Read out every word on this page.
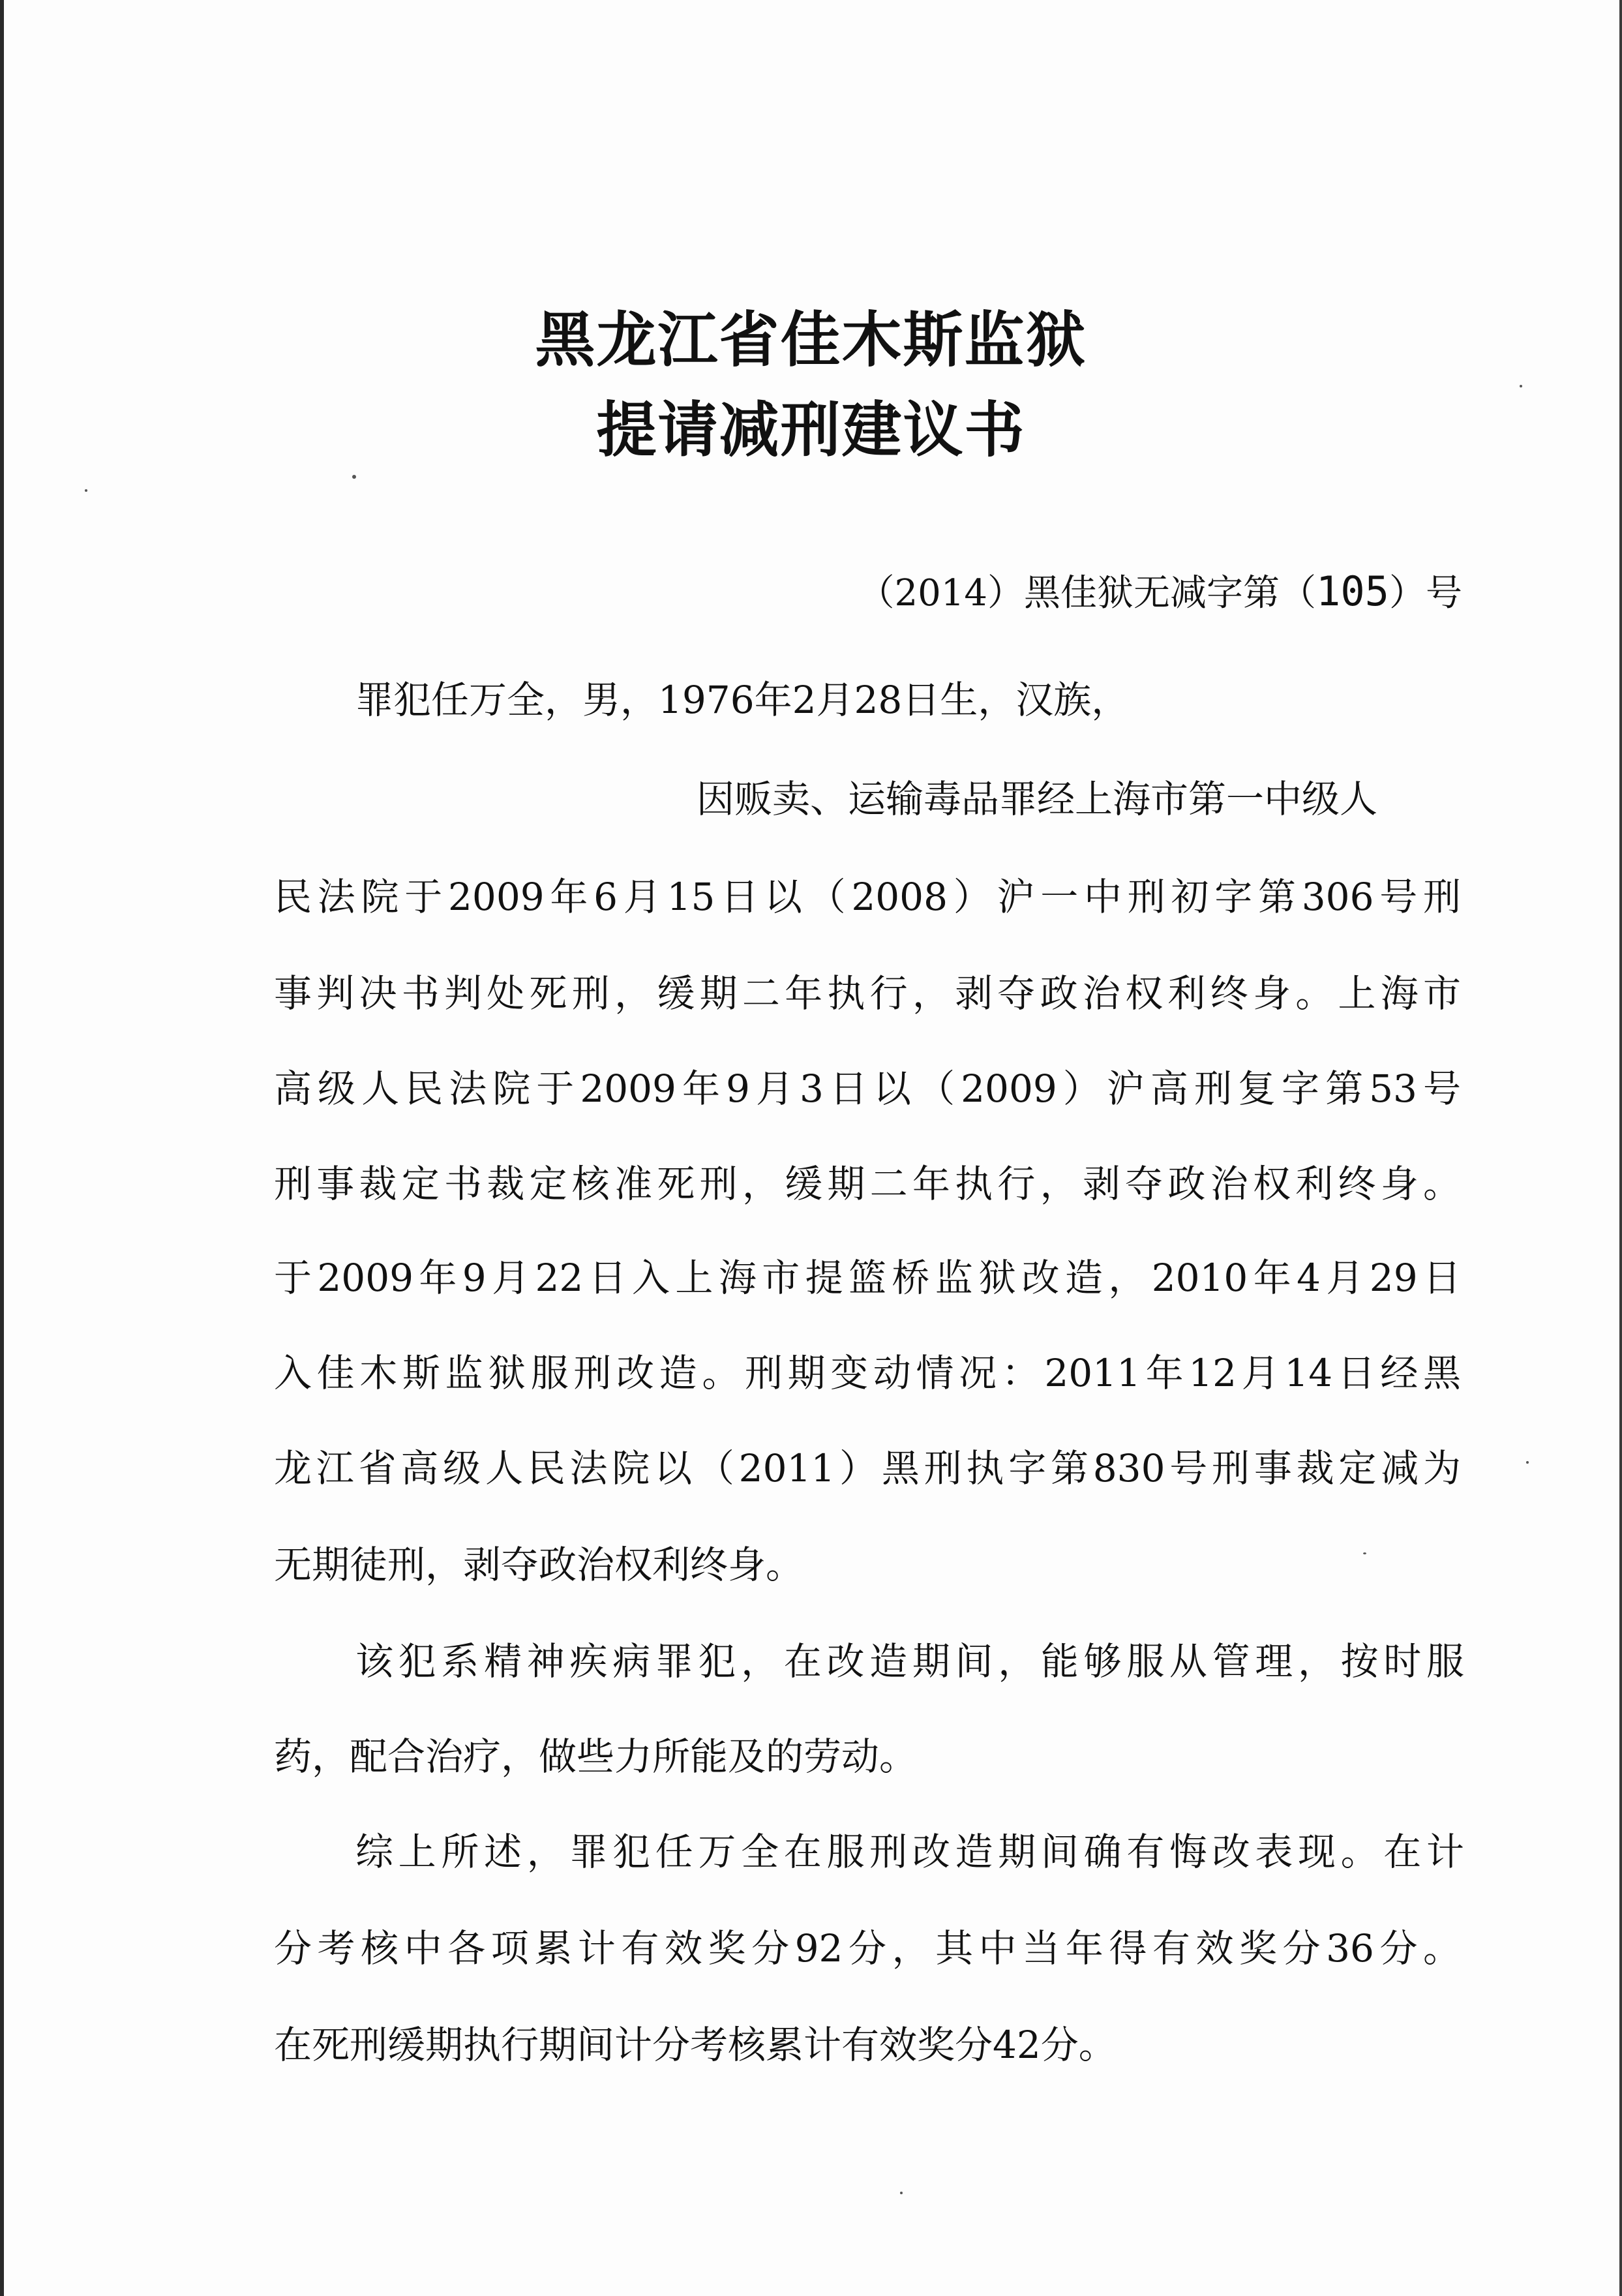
黑龙江省佳木斯监狱
提请减刑建议书
（2014）黑佳狱无减字第（105）号
罪犯任万全，男，1976年2月28日生，汉族，
因贩卖、运输毒品罪经上海市第一中级人
民法院于2009年6月15日以（2008）沪一中刑初字第306号刑
事判决书判处死刑，缓期二年执行，剥夺政治权利终身。上海市
高级人民法院于2009年9月3日以（2009）沪高刑复字第53号
刑事裁定书裁定核准死刑，缓期二年执行，剥夺政治权利终身。
于2009年9月22日入上海市提篮桥监狱改造，2010年4月29日
入佳木斯监狱服刑改造。刑期变动情况：2011年12月14日经黑
龙江省高级人民法院以（2011）黑刑执字第830号刑事裁定减为
无期徒刑，剥夺政治权利终身。
该犯系精神疾病罪犯，在改造期间，能够服从管理，按时服
药，配合治疗，做些力所能及的劳动。
综上所述，罪犯任万全在服刑改造期间确有悔改表现。在计
分考核中各项累计有效奖分92分，其中当年得有效奖分36分。
在死刑缓期执行期间计分考核累计有效奖分42分。
